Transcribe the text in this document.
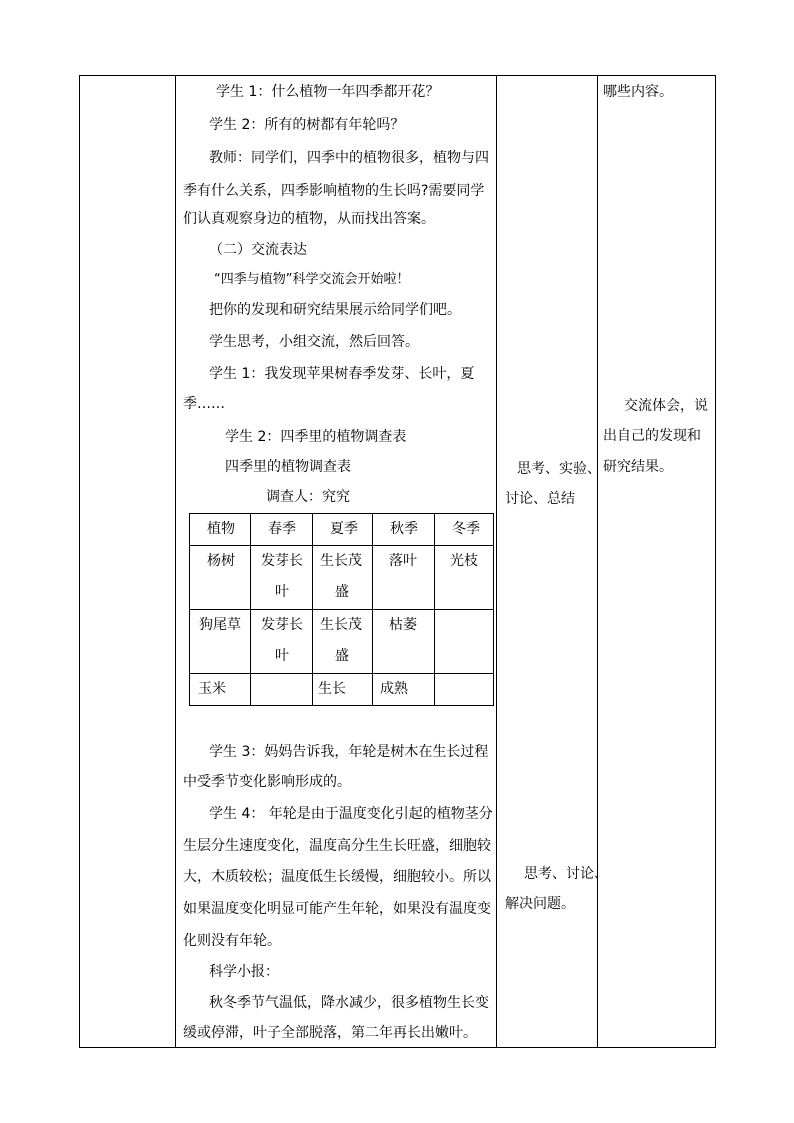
学生 1：什么植物一年四季都开花？
学生 2：所有的树都有年轮吗？
教师：同学们，四季中的植物很多，植物与四
季有什么关系，四季影响植物的生长吗?需要同学
们认真观察身边的植物，从而找出答案。
（二）交流表达
“四季与植物”科学交流会开始啦！
把你的发现和研究结果展示给同学们吧。
学生思考，小组交流，然后回答。
学生 1：我发现苹果树春季发芽、长叶，夏
季……
学生 2：四季里的植物调查表
四季里的植物调查表
调查人：究究
植物	春季	夏季	秋季	冬季

杨树	发芽长
叶	生长茂
盛	落叶	光枝

狗尾草	发芽长
叶	生长茂
盛	枯萎	

玉米		生长	成熟	

学生 3：妈妈告诉我，年轮是树木在生长过程
中受季节变化影响形成的。
学生 4： 年轮是由于温度变化引起的植物茎分
生层分生速度变化，温度高分生生长旺盛，细胞较
大，木质较松；温度低生长缓慢，细胞较小。所以
如果温度变化明显可能产生年轮，如果没有温度变
化则没有年轮。
科学小报：
秋冬季节气温低，降水减少，很多植物生长变
缓或停滞，叶子全部脱落，第二年再长出嫩叶。
思考、实验、
讨论、总结
思考、讨论、
解决问题。
哪些内容。
交流体会，说
出自己的发现和
研究结果。
